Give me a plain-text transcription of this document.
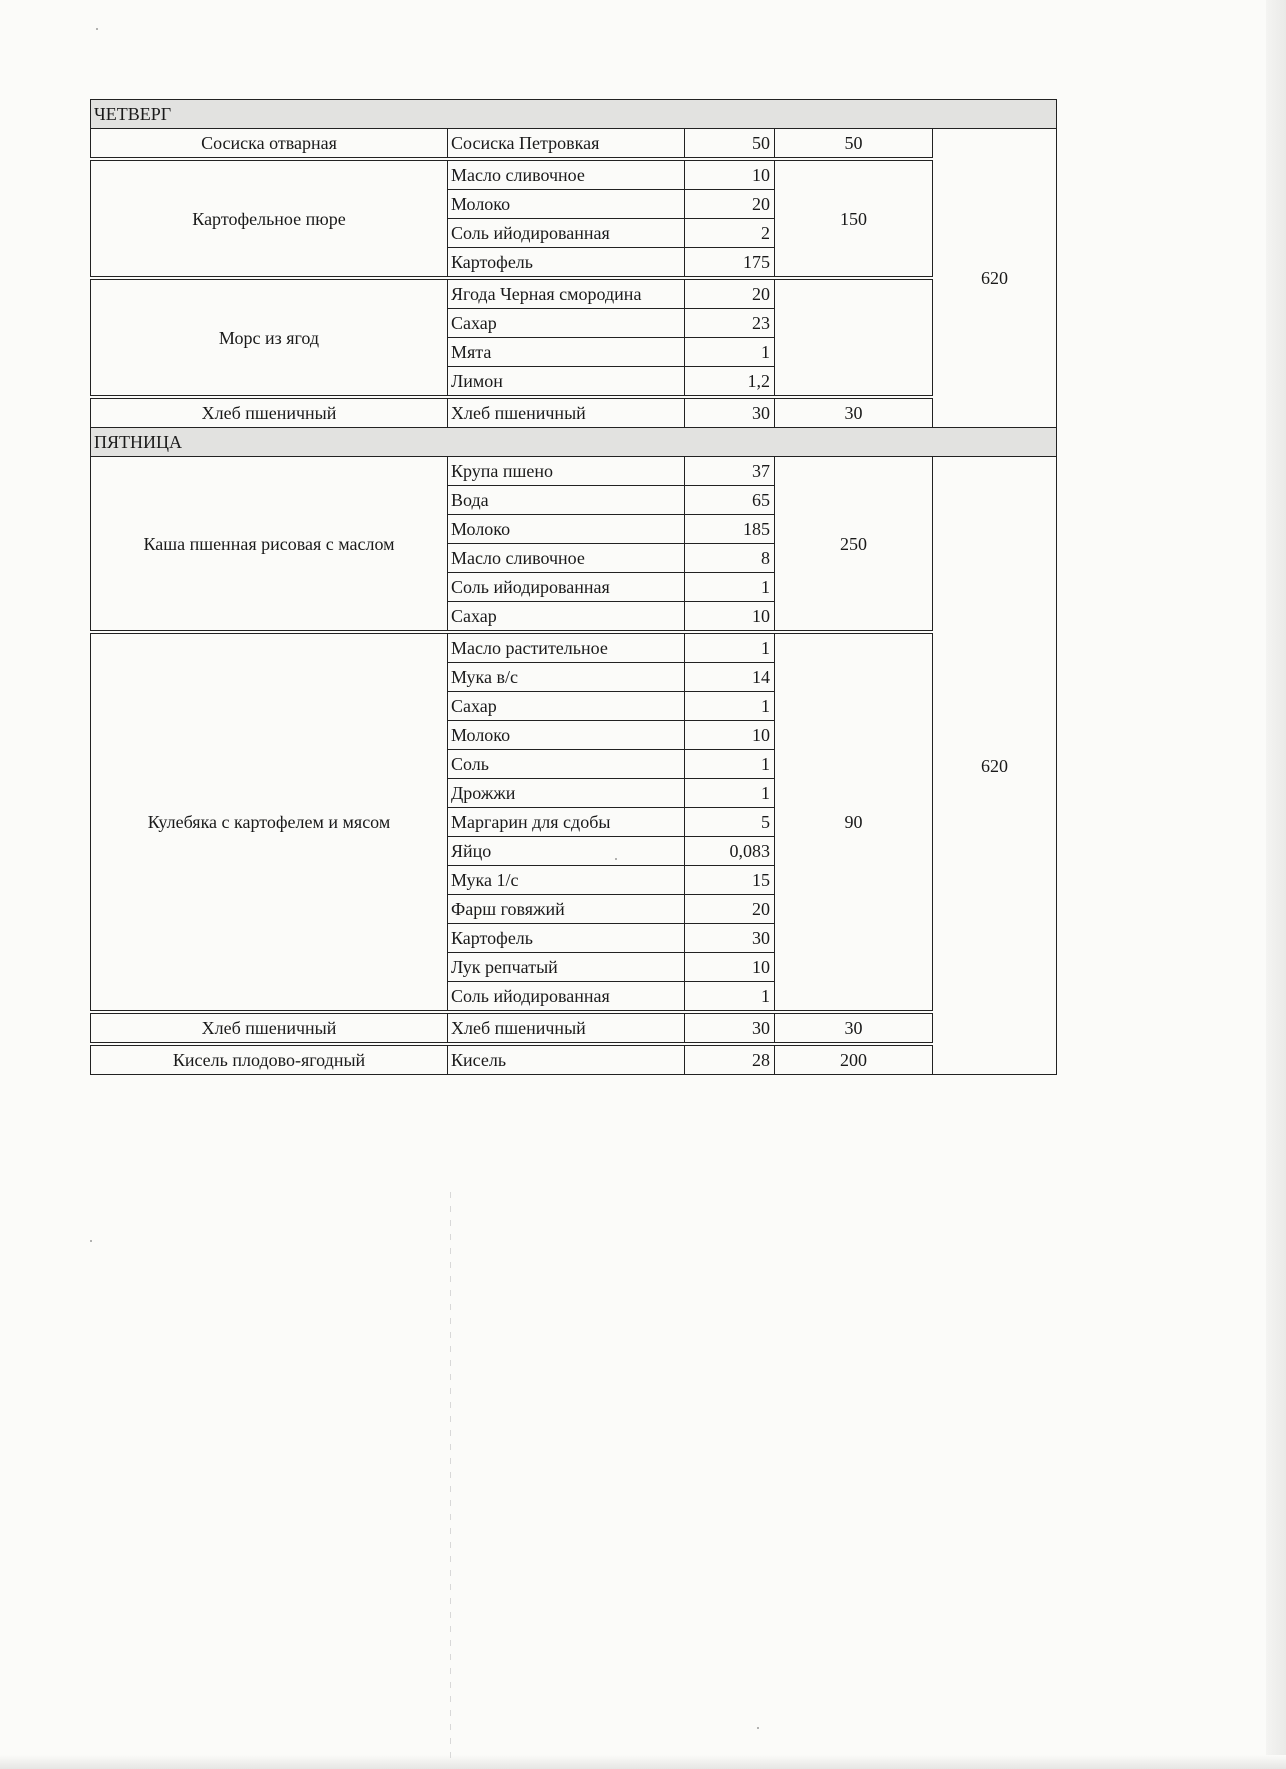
ЧЕТВЕРГ				
Сосиска отварная	Сосиска Петровкая	50	50	620
Картофельное пюре	Масло сливочное	10	150	
	Молоко	20		
	Соль ийодированная	2		
	Картофель	175		
Морс из ягод	Ягода Черная смородина	20		
	Сахар	23		
	Мята	1		
	Лимон	1,2		
Хлеб пшеничный	Хлеб пшеничный	30	30	
ПЯТНИЦА				
Каша пшенная рисовая с маслом	Крупа пшено	37	250	620
	Вода	65		
	Молоко	185		
	Масло сливочное	8		
	Соль ийодированная	1		
	Сахар	10		
Кулебяка с картофелем и мясом	Масло растительное	1	90	
	Мука в/с	14		
	Сахар	1		
	Молоко	10		
	Соль	1		
	Дрожжи	1		
	Маргарин для сдобы	5		
	Яйцо	0,083		
	Мука 1/с	15		
	Фарш говяжий	20		
	Картофель	30		
	Лук репчатый	10		
	Соль ийодированная	1		
Хлеб пшеничный	Хлеб пшеничный	30	30	
Кисель плодово-ягодный	Кисель	28	200	
